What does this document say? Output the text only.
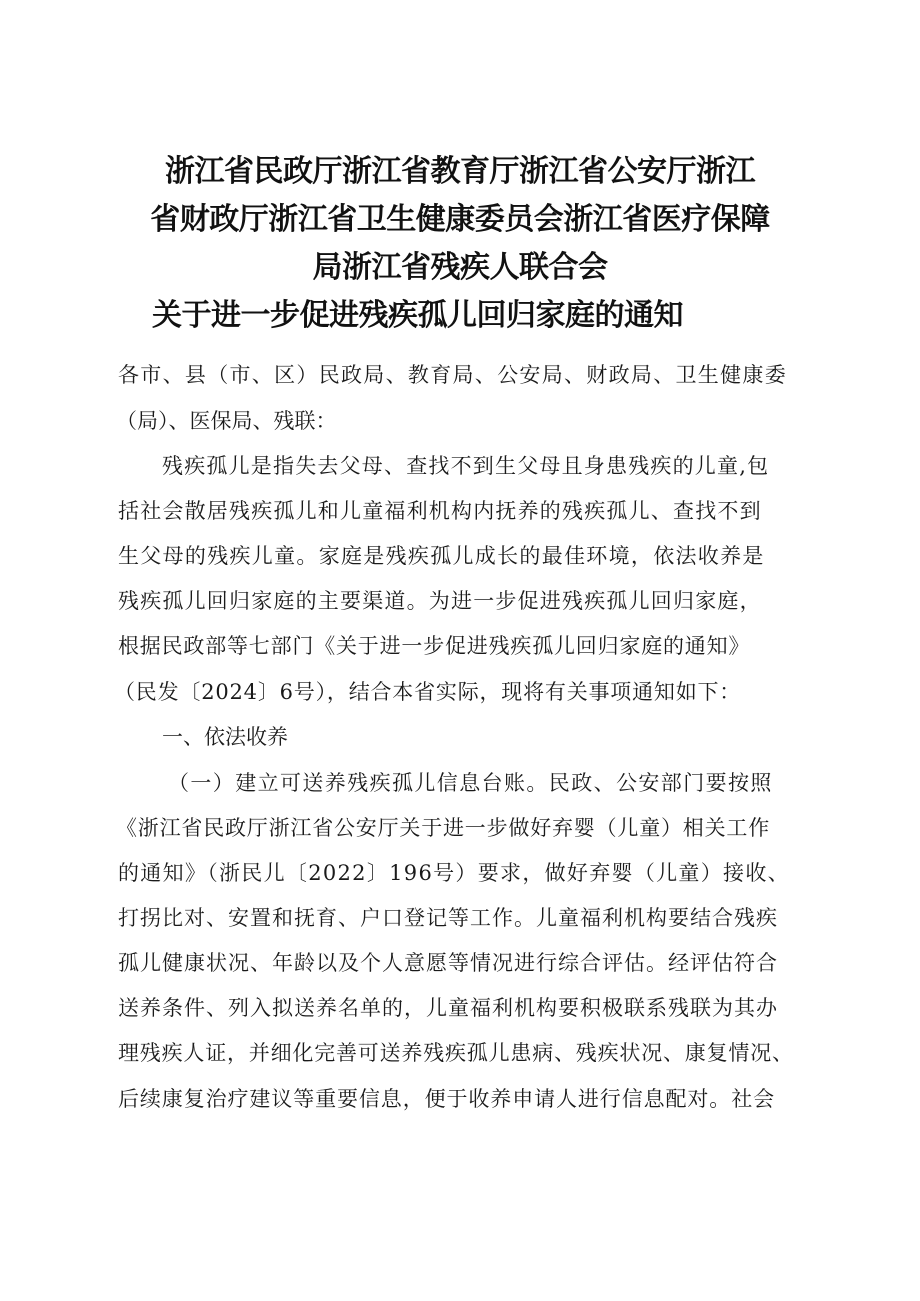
浙江省民政厅浙江省教育厅浙江省公安厅浙江
省财政厅浙江省卫生健康委员会浙江省医疗保障
局浙江省残疾人联合会
关于进一步促进残疾孤儿回归家庭的通知
各市、县（市、区）民政局、教育局、公安局、财政局、卫生健康委
（局）、医保局、残联：
残疾孤儿是指失去父母、查找不到生父母且身患残疾的儿童,包
括社会散居残疾孤儿和儿童福利机构内抚养的残疾孤儿、查找不到
生父母的残疾儿童。家庭是残疾孤儿成长的最佳环境，依法收养是
残疾孤儿回归家庭的主要渠道。为进一步促进残疾孤儿回归家庭，
根据民政部等七部门《关于进一步促进残疾孤儿回归家庭的通知》
（民发〔2024〕6号），结合本省实际，现将有关事项通知如下：
一、依法收养
（一）建立可送养残疾孤儿信息台账。民政、公安部门要按照
《浙江省民政厅浙江省公安厅关于进一步做好弃婴（儿童）相关工作
的通知》（浙民儿〔2022〕196号）要求，做好弃婴（儿童）接收、
打拐比对、安置和抚育、户口登记等工作。儿童福利机构要结合残疾
孤儿健康状况、年龄以及个人意愿等情况进行综合评估。经评估符合
送养条件、列入拟送养名单的，儿童福利机构要积极联系残联为其办
理残疾人证，并细化完善可送养残疾孤儿患病、残疾状况、康复情况、
后续康复治疗建议等重要信息，便于收养申请人进行信息配对。社会
